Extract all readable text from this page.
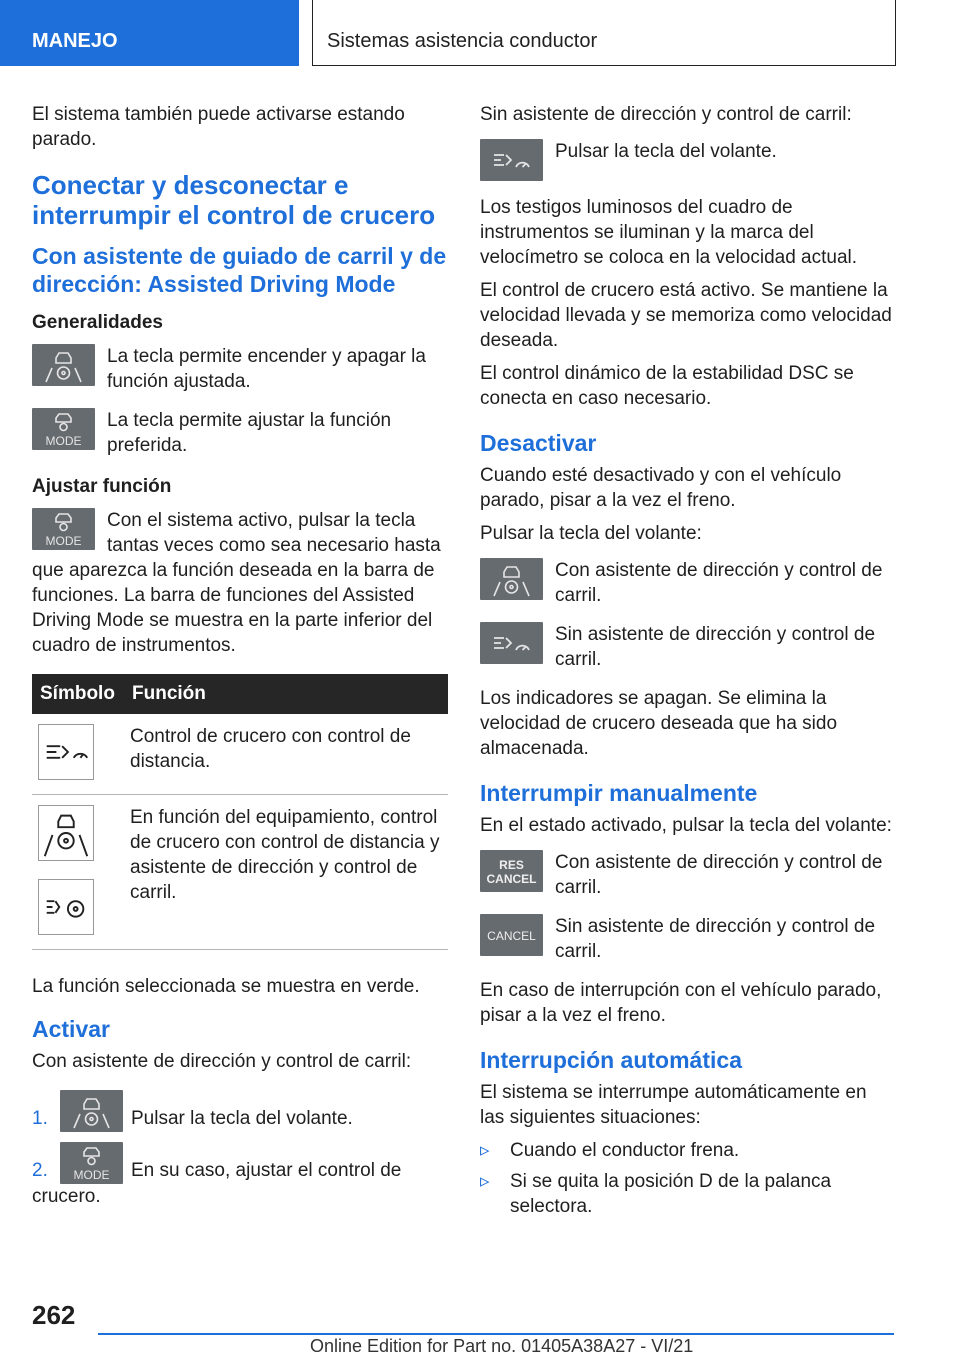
MANEJO	Sistemas asistencia conductor

El sistema también puede activarse estando parado.

Conectar y desconectar e interrumpir el control de crucero
Con asistente de guiado de carril y de dirección: Assisted Driving Mode
Generalidades
La tecla permite encender y apagar la función ajustada.
MODE
La tecla permite ajustar la función preferida.
Ajustar función
MODE
Con el sistema activo, pulsar la tecla tantas veces como sea necesario hasta que aparezca la función deseada en la barra de funciones. La barra de funciones del Assisted Driving Mode se muestra en la parte inferior del cuadro de instrumentos.
Símbolo	Función

	Control de crucero con control de distancia.

	En función del equipamiento, control de crucero con control de distancia y asistente de dirección y control de carril.

La función seleccionada se muestra en verde.

Activar

Con asistente de dirección y control de carril:

1.	Pulsar la tecla del volante.
2. MODE En su caso, ajustar el control de crucero.

Sin asistente de dirección y control de carril:

Pulsar la tecla del volante.

Los testigos luminosos del cuadro de instrumentos se iluminan y la marca del velocímetro se coloca en la velocidad actual.

El control de crucero está activo. Se mantiene la velocidad llevada y se memoriza como velocidad deseada.

El control dinámico de la estabilidad DSC se conecta en caso necesario.

Desactivar

Cuando esté desactivado y con el vehículo parado, pisar a la vez el freno.

Pulsar la tecla del volante:

Con asistente de dirección y control de carril.
Sin asistente de dirección y control de carril.

Los indicadores se apagan. Se elimina la velocidad de crucero deseada que ha sido almacenada.

Interrumpir manualmente

En el estado activado, pulsar la tecla del volante:

RES
CANCEL
Con asistente de dirección y control de carril.
CANCEL Sin asistente de dirección y control de carril.

En caso de interrupción con el vehículo parado, pisar a la vez el freno.

Interrupción automática

El sistema se interrumpe automáticamente en las siguientes situaciones:

▹ Cuando el conductor frena.
▹ Si se quita la posición D de la palanca selectora.
262
Online Edition for Part no. 01405A38A27 - VI/21
